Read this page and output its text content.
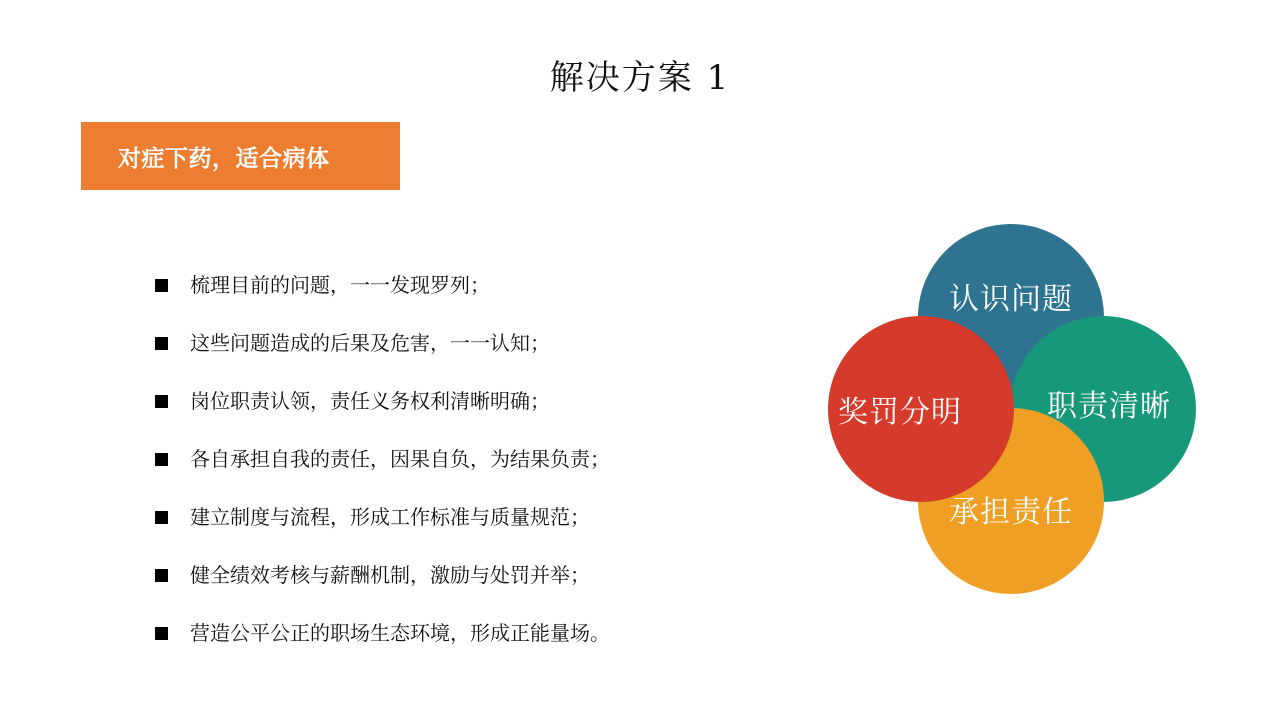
解决方案 1
对症下药，适合病体
梳理目前的问题，一一发现罗列；
这些问题造成的后果及危害，一一认知；
岗位职责认领，责任义务权利清晰明确；
各自承担自我的责任，因果自负，为结果负责；
建立制度与流程，形成工作标准与质量规范；
健全绩效考核与薪酬机制，激励与处罚并举；
营造公平公正的职场生态环境，形成正能量场。
认识问题
职责清晰
承担责任
奖罚分明
